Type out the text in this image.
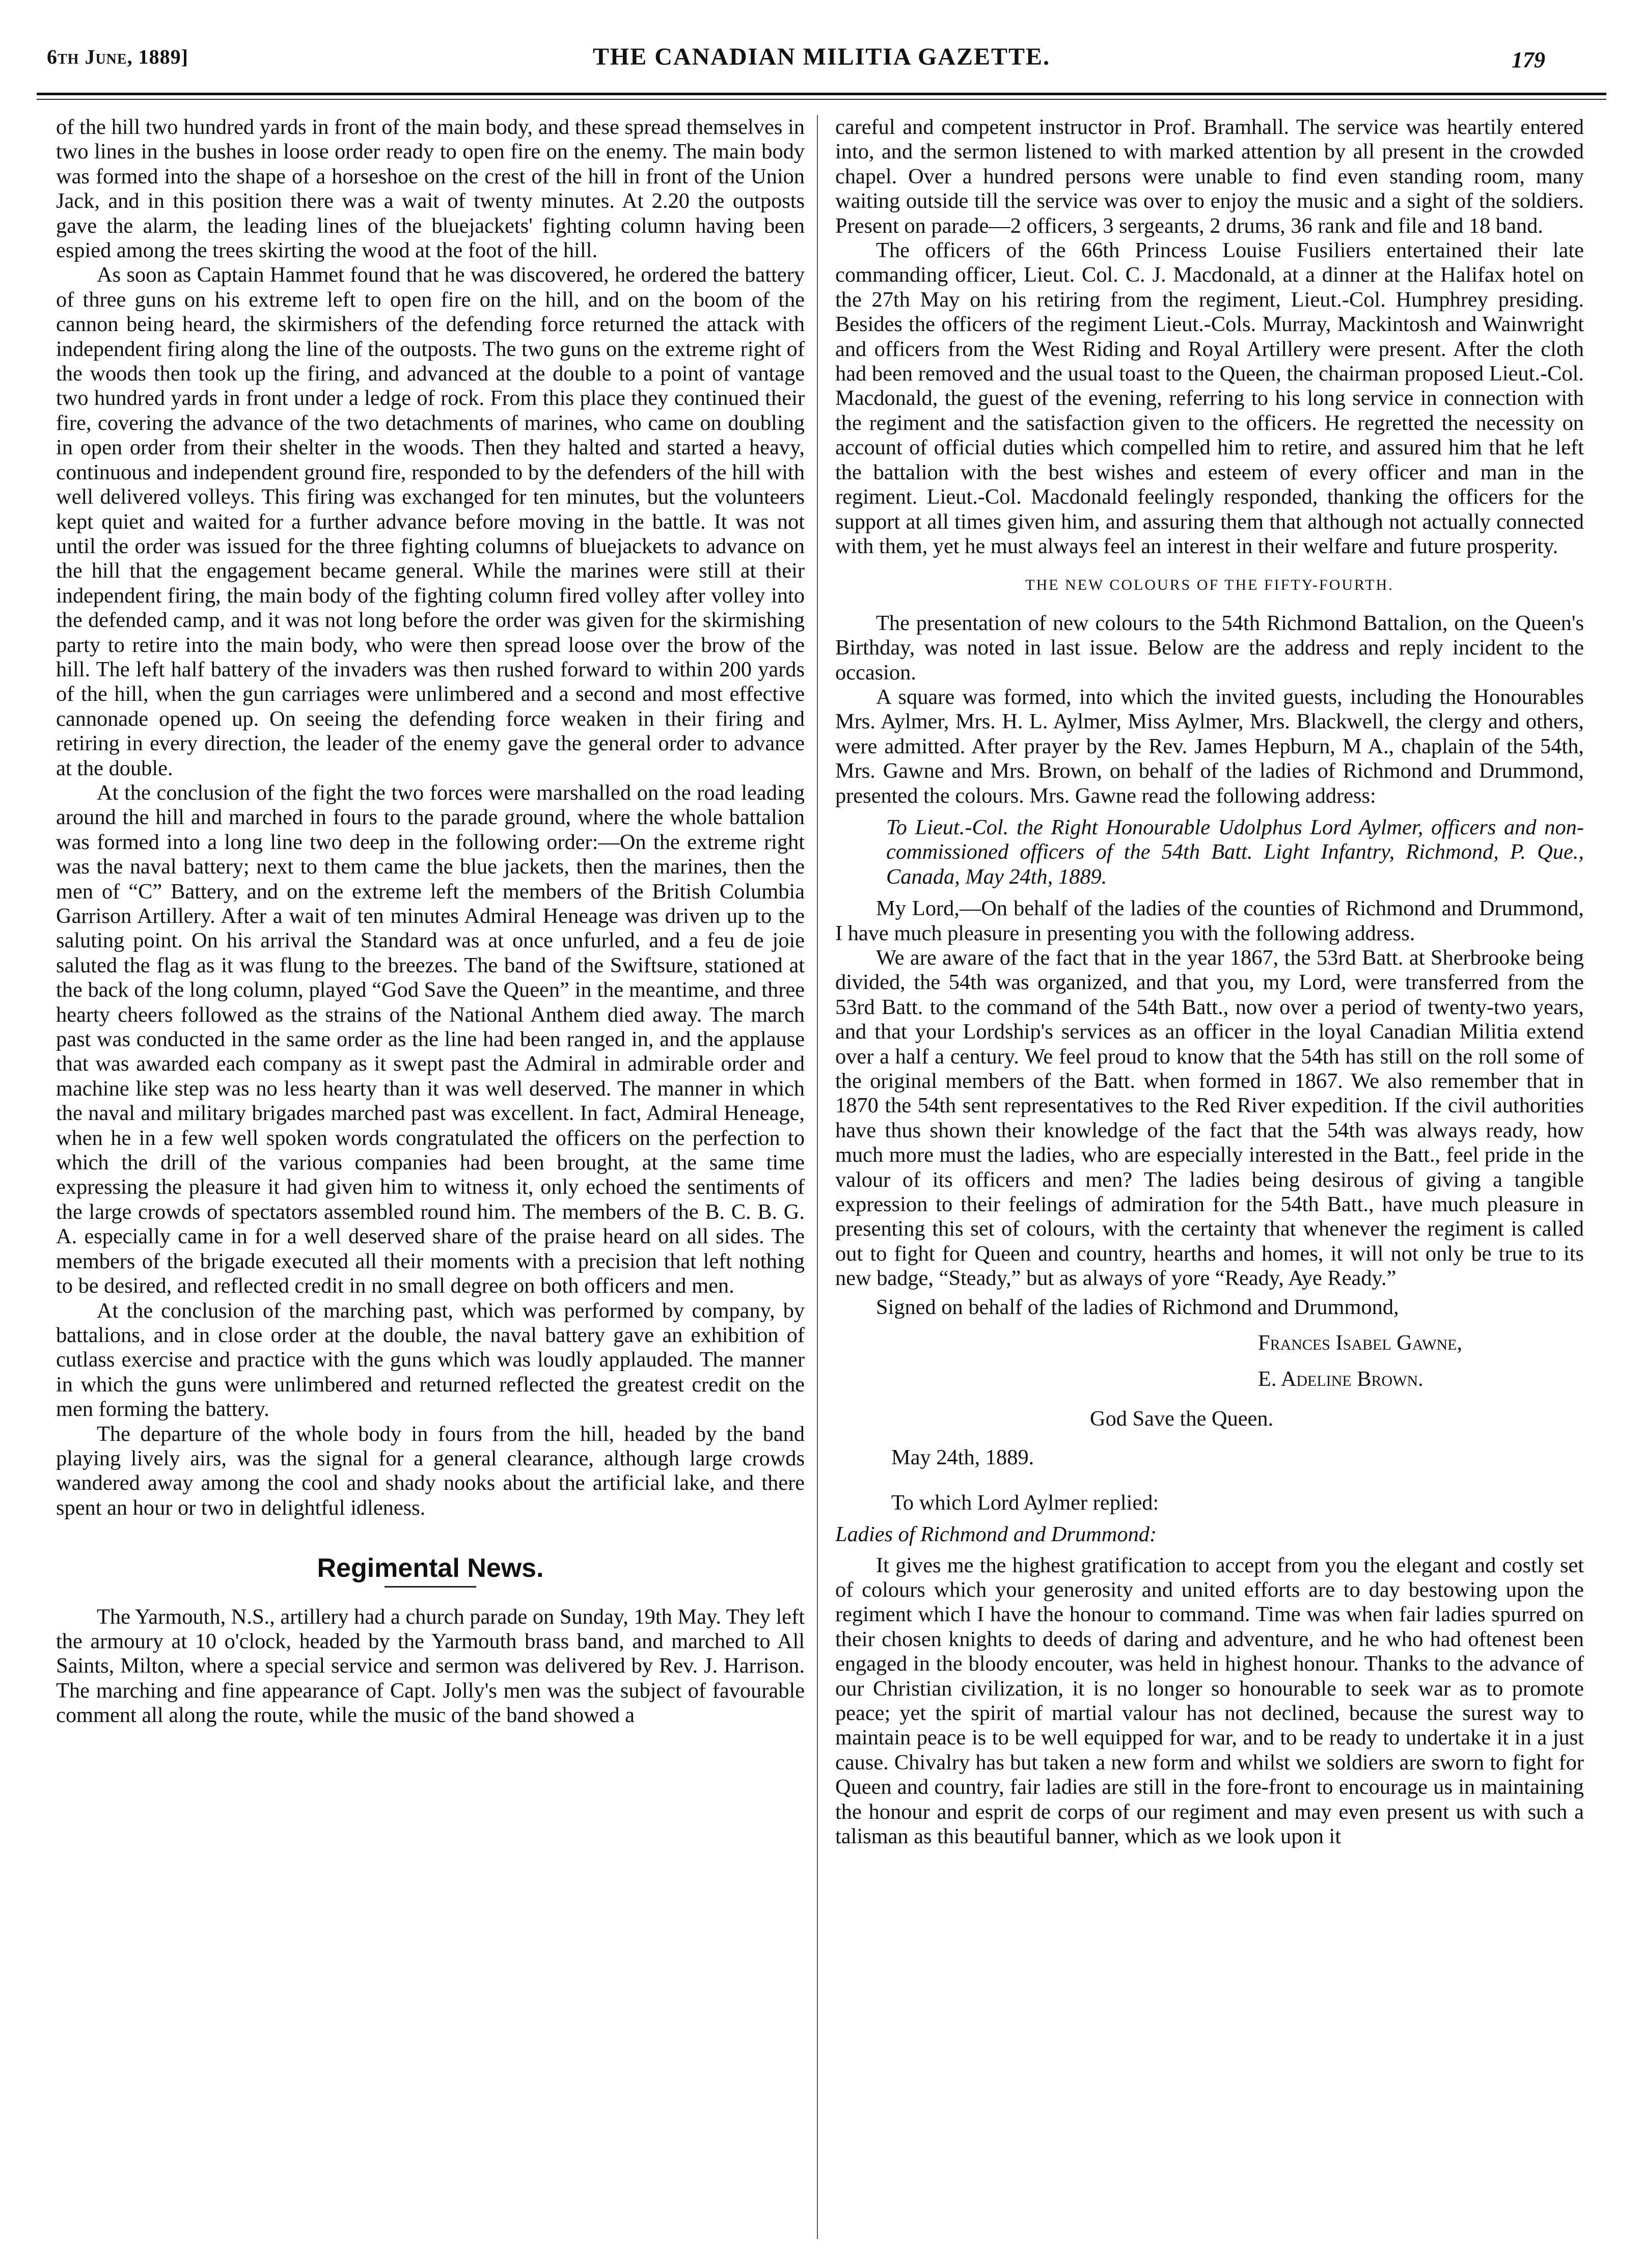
6th June, 1889]	THE CANADIAN MILITIA GAZETTE.	179

of the hill two hundred yards in front of the main body, and these spread themselves in two lines in the bushes in loose order ready to open fire on the enemy. The main body was formed into the shape of a horseshoe on the crest of the hill in front of the Union Jack, and in this position there was a wait of twenty minutes. At 2.20 the outposts gave the alarm, the leading lines of the bluejackets' fighting column having been espied among the trees skirting the wood at the foot of the hill.

As soon as Captain Hammet found that he was discovered, he ordered the battery of three guns on his extreme left to open fire on the hill, and on the boom of the cannon being heard, the skirmishers of the defending force returned the attack with independent firing along the line of the outposts. The two guns on the extreme right of the woods then took up the firing, and advanced at the double to a point of vantage two hundred yards in front under a ledge of rock. From this place they continued their fire, covering the advance of the two detachments of marines, who came on doubling in open order from their shelter in the woods. Then they halted and started a heavy, continuous and independent ground fire, responded to by the defenders of the hill with well delivered volleys. This firing was exchanged for ten minutes, but the volunteers kept quiet and waited for a further advance before moving in the battle. It was not until the order was issued for the three fighting columns of bluejackets to advance on the hill that the engagement became general. While the marines were still at their independent firing, the main body of the fighting column fired volley after volley into the defended camp, and it was not long before the order was given for the skirmishing party to retire into the main body, who were then spread loose over the brow of the hill. The left half battery of the invaders was then rushed forward to within 200 yards of the hill, when the gun carriages were unlimbered and a second and most effective cannonade opened up. On seeing the defending force weaken in their firing and retiring in every direction, the leader of the enemy gave the general order to advance at the double.

At the conclusion of the fight the two forces were marshalled on the road leading around the hill and marched in fours to the parade ground, where the whole battalion was formed into a long line two deep in the following order:—On the extreme right was the naval battery; next to them came the blue jackets, then the marines, then the men of “C” Battery, and on the extreme left the members of the British Columbia Garrison Artillery. After a wait of ten minutes Admiral Heneage was driven up to the saluting point. On his arrival the Standard was at once unfurled, and a feu de joie saluted the flag as it was flung to the breezes. The band of the Swiftsure, stationed at the back of the long column, played “God Save the Queen” in the meantime, and three hearty cheers followed as the strains of the National Anthem died away. The march past was conducted in the same order as the line had been ranged in, and the applause that was awarded each company as it swept past the Admiral in admirable order and machine like step was no less hearty than it was well deserved. The manner in which the naval and military brigades marched past was excellent. In fact, Admiral Heneage, when he in a few well spoken words congratulated the officers on the perfection to which the drill of the various companies had been brought, at the same time expressing the pleasure it had given him to witness it, only echoed the sentiments of the large crowds of spectators assembled round him. The members of the B. C. B. G. A. especially came in for a well deserved share of the praise heard on all sides. The members of the brigade executed all their moments with a precision that left nothing to be desired, and reflected credit in no small degree on both officers and men.

At the conclusion of the marching past, which was performed by company, by battalions, and in close order at the double, the naval battery gave an exhibition of cutlass exercise and practice with the guns which was loudly applauded. The manner in which the guns were unlimbered and returned reflected the greatest credit on the men forming the battery.

The departure of the whole body in fours from the hill, headed by the band playing lively airs, was the signal for a general clearance, although large crowds wandered away among the cool and shady nooks about the artificial lake, and there spent an hour or two in delightful idleness.

Regimental News.

The Yarmouth, N.S., artillery had a church parade on Sunday, 19th May. They left the armoury at 10 o'clock, headed by the Yarmouth brass band, and marched to All Saints, Milton, where a special service and sermon was delivered by Rev. J. Harrison. The marching and fine appearance of Capt. Jolly's men was the subject of favourable comment all along the route, while the music of the band showed a

careful and competent instructor in Prof. Bramhall. The service was heartily entered into, and the sermon listened to with marked attention by all present in the crowded chapel. Over a hundred persons were unable to find even standing room, many waiting outside till the service was over to enjoy the music and a sight of the soldiers. Present on parade—2 officers, 3 sergeants, 2 drums, 36 rank and file and 18 band.

The officers of the 66th Princess Louise Fusiliers entertained their late commanding officer, Lieut. Col. C. J. Macdonald, at a dinner at the Halifax hotel on the 27th May on his retiring from the regiment, Lieut.-Col. Humphrey presiding. Besides the officers of the regiment Lieut.-Cols. Murray, Mackintosh and Wainwright and officers from the West Riding and Royal Artillery were present. After the cloth had been removed and the usual toast to the Queen, the chairman proposed Lieut.-Col. Macdonald, the guest of the evening, referring to his long service in connection with the regiment and the satisfaction given to the officers. He regretted the necessity on account of official duties which compelled him to retire, and assured him that he left the battalion with the best wishes and esteem of every officer and man in the regiment. Lieut.-Col. Macdonald feelingly responded, thanking the officers for the support at all times given him, and assuring them that although not actually connected with them, yet he must always feel an interest in their welfare and future prosperity.

THE NEW COLOURS OF THE FIFTY-FOURTH.

The presentation of new colours to the 54th Richmond Battalion, on the Queen's Birthday, was noted in last issue. Below are the address and reply incident to the occasion.

A square was formed, into which the invited guests, including the Honourables Mrs. Aylmer, Mrs. H. L. Aylmer, Miss Aylmer, Mrs. Blackwell, the clergy and others, were admitted. After prayer by the Rev. James Hepburn, M A., chaplain of the 54th, Mrs. Gawne and Mrs. Brown, on behalf of the ladies of Richmond and Drummond, presented the colours. Mrs. Gawne read the following address:

To Lieut.-Col. the Right Honourable Udolphus Lord Aylmer, officers and non-commissioned officers of the 54th Batt. Light Infantry, Richmond, P. Que., Canada, May 24th, 1889.

My Lord,—On behalf of the ladies of the counties of Richmond and Drummond, I have much pleasure in presenting you with the following address.

We are aware of the fact that in the year 1867, the 53rd Batt. at Sherbrooke being divided, the 54th was organized, and that you, my Lord, were transferred from the 53rd Batt. to the command of the 54th Batt., now over a period of twenty-two years, and that your Lordship's services as an officer in the loyal Canadian Militia extend over a half a century. We feel proud to know that the 54th has still on the roll some of the original members of the Batt. when formed in 1867. We also remember that in 1870 the 54th sent representatives to the Red River expedition. If the civil authorities have thus shown their knowledge of the fact that the 54th was always ready, how much more must the ladies, who are especially interested in the Batt., feel pride in the valour of its officers and men? The ladies being desirous of giving a tangible expression to their feelings of admiration for the 54th Batt., have much pleasure in presenting this set of colours, with the certainty that whenever the regiment is called out to fight for Queen and country, hearths and homes, it will not only be true to its new badge, “Steady,” but as always of yore “Ready, Aye Ready.”

Signed on behalf of the ladies of Richmond and Drummond,

Frances Isabel Gawne,
E. Adeline Brown.
God Save the Queen.
May 24th, 1889.
To which Lord Aylmer replied:
Ladies of Richmond and Drummond:

It gives me the highest gratification to accept from you the elegant and costly set of colours which your generosity and united efforts are to day bestowing upon the regiment which I have the honour to command. Time was when fair ladies spurred on their chosen knights to deeds of daring and adventure, and he who had oftenest been engaged in the bloody encouter, was held in highest honour. Thanks to the advance of our Christian civilization, it is no longer so honourable to seek war as to promote peace; yet the spirit of martial valour has not declined, because the surest way to maintain peace is to be well equipped for war, and to be ready to undertake it in a just cause. Chivalry has but taken a new form and whilst we soldiers are sworn to fight for Queen and country, fair ladies are still in the fore-front to encourage us in maintaining the honour and esprit de corps of our regiment and may even present us with such a talisman as this beautiful banner, which as we look upon it
